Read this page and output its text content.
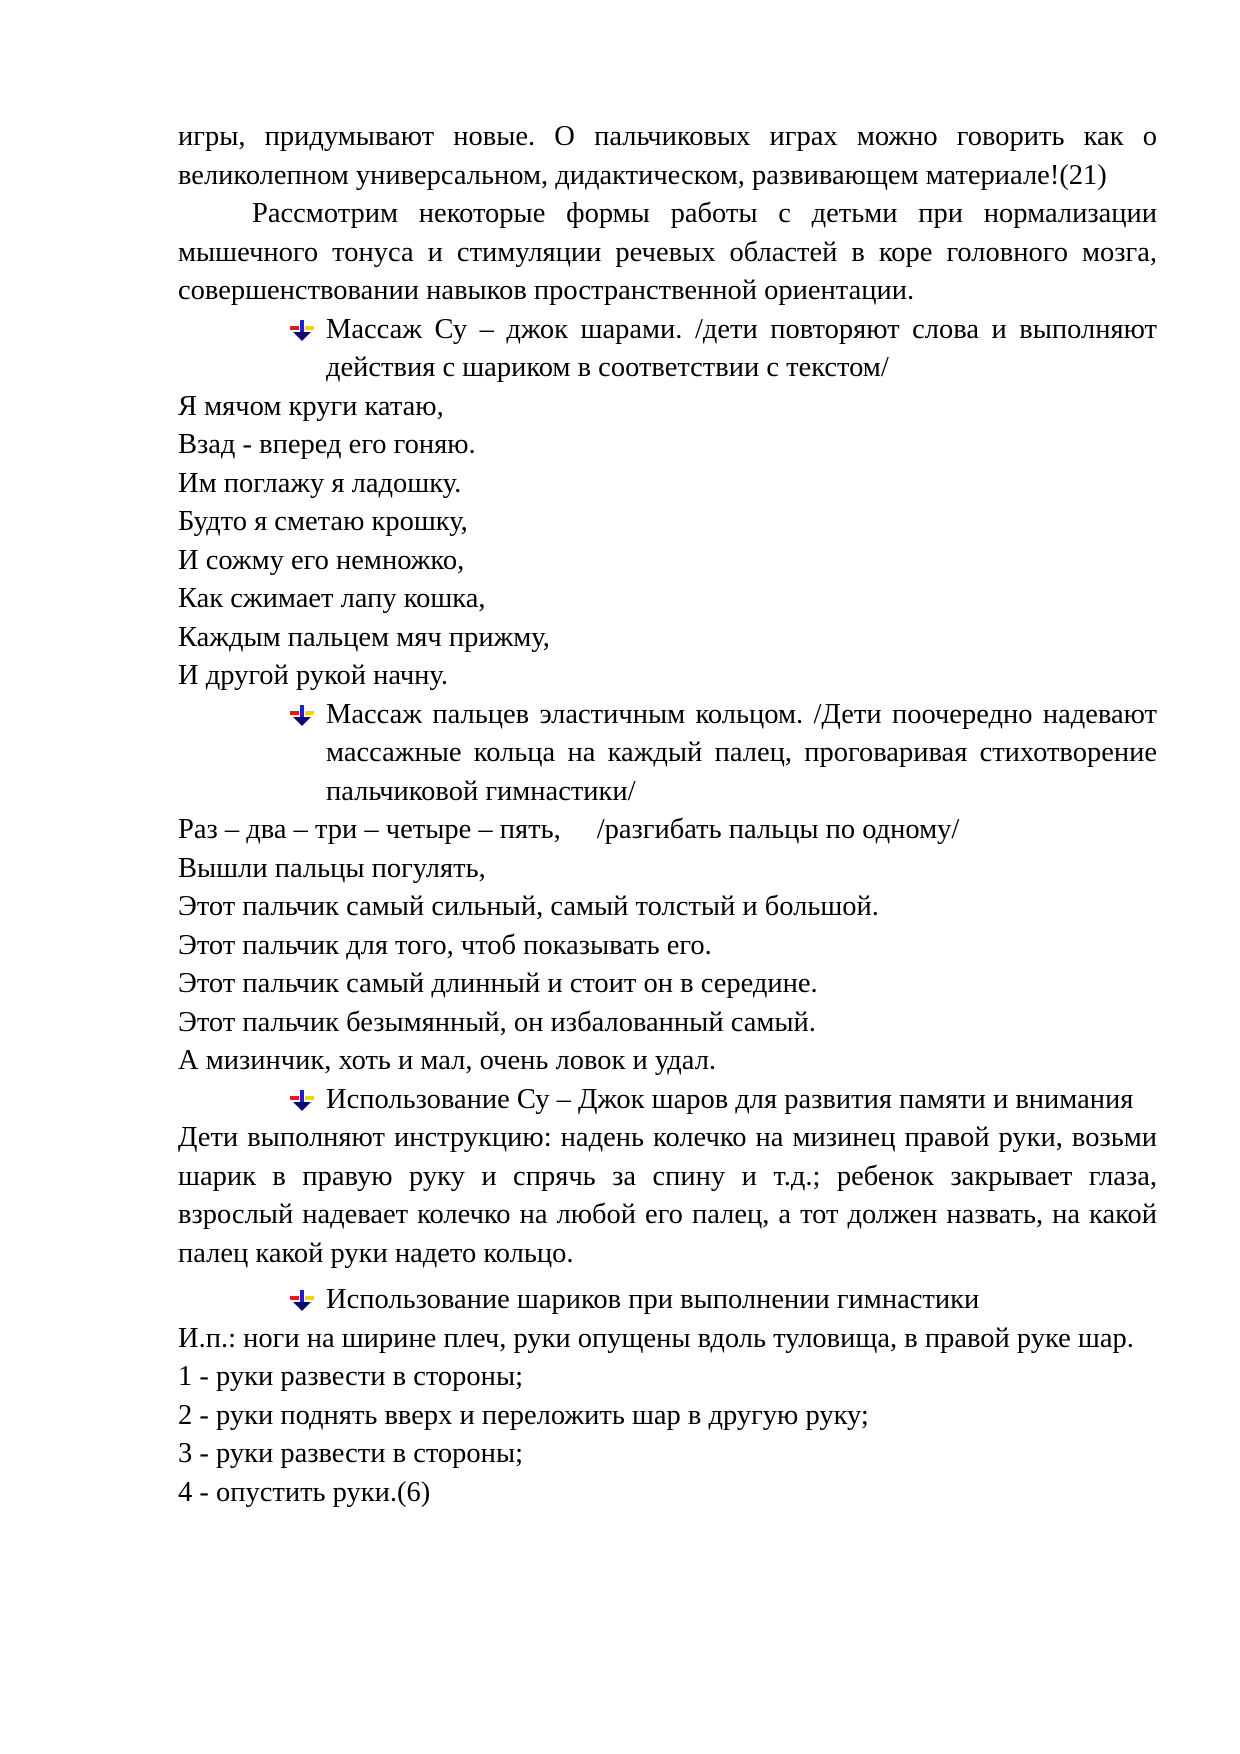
игры, придумывают новые. О пальчиковых играх можно говорить как о великолепном универсальном, дидактическом, развивающем материале!(21)

Рассмотрим некоторые формы работы с детьми при нормализации мышечного тонуса и стимуляции речевых областей в коре головного мозга, совершенствовании навыков пространственной ориентации.

Массаж Су – джок шарами. /дети повторяют слова и выполняют действия с шариком в соответствии с текстом/

Я мячом круги катаю,

Взад - вперед его гоняю.

Им поглажу я ладошку.

Будто я сметаю крошку,

И сожму его немножко,

Как сжимает лапу кошка,

Каждым пальцем мяч прижму,

И другой рукой начну.

Массаж пальцев эластичным кольцом. /Дети поочередно надевают массажные кольца на каждый палец, проговаривая стихотворение пальчиковой гимнастики/

Раз – два – три – четыре – пять, /разгибать пальцы по одному/

Вышли пальцы погулять,

Этот пальчик самый сильный, самый толстый и большой.

Этот пальчик для того, чтоб показывать его.

Этот пальчик самый длинный и стоит он в середине.

Этот пальчик безымянный, он избалованный самый.

А мизинчик, хоть и мал, очень ловок и удал.

Использование Су – Джок шаров для развития памяти и внимания

Дети выполняют инструкцию: надень колечко на мизинец правой руки, возьми шарик в правую руку и спрячь за спину и т.д.; ребенок закрывает глаза, взрослый надевает колечко на любой его палец, а тот должен назвать, на какой палец какой руки надето кольцо.

Использование шариков при выполнении гимнастики

И.п.: ноги на ширине плеч, руки опущены вдоль туловища, в правой руке шар.

1 - руки развести в стороны;

2 - руки поднять вверх и переложить шар в другую руку;

3 - руки развести в стороны;

4 - опустить руки.(6)
